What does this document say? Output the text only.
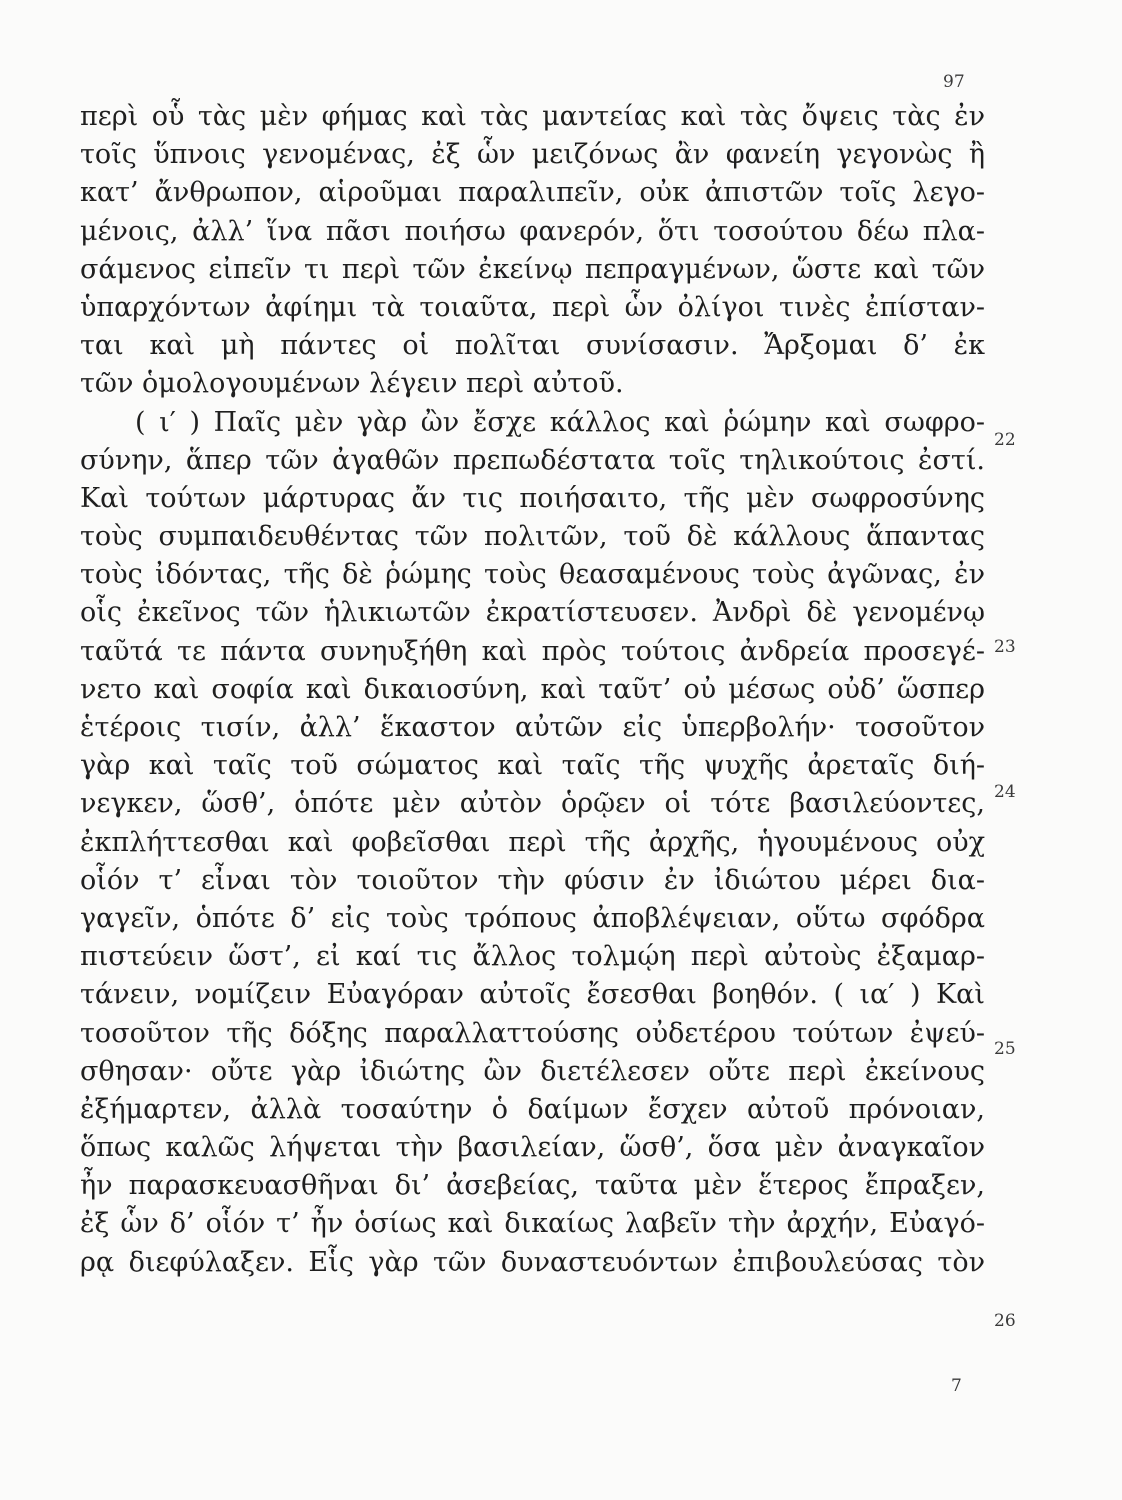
97
περὶ οὗ τὰς μὲν φήμας καὶ τὰς μαντείας καὶ τὰς ὄψεις τὰς ἐν
τοῖς ὕπνοις γενομένας, ἐξ ὧν μειζόνως ἂν φανείη γεγονὼς ἢ
κατ’ ἄνθρωπον, αἱροῦμαι παραλιπεῖν, οὐκ ἀπιστῶν τοῖς λεγο-
μένοις, ἀλλ’ ἵνα πᾶσι ποιήσω φανερόν, ὅτι τοσούτου δέω πλα-
σάμενος εἰπεῖν τι περὶ τῶν ἐκείνῳ πεπραγμένων, ὥστε καὶ τῶν
ὑπαρχόντων ἀφίημι τὰ τοιαῦτα, περὶ ὧν ὀλίγοι τινὲς ἐπίσταν-
ται καὶ μὴ πάντες οἱ πολῖται συνίσασιν. Ἄρξομαι δ’ ἐκ
τῶν ὁμολογουμένων λέγειν περὶ αὐτοῦ.
( ι′ ) Παῖς μὲν γὰρ ὢν ἔσχε κάλλος καὶ ῥώμην καὶ σωφρο-
σύνην, ἅπερ τῶν ἀγαθῶν πρεπωδέστατα τοῖς τηλικούτοις ἐστί.
Καὶ τούτων μάρτυρας ἄν τις ποιήσαιτο, τῆς μὲν σωφροσύνης
τοὺς συμπαιδευθέντας τῶν πολιτῶν, τοῦ δὲ κάλλους ἅπαντας
τοὺς ἰδόντας, τῆς δὲ ῥώμης τοὺς θεασαμένους τοὺς ἀγῶνας, ἐν
οἷς ἐκεῖνος τῶν ἡλικιωτῶν ἐκρατίστευσεν. Ἀνδρὶ δὲ γενομένῳ
ταῦτά τε πάντα συνηυξήθη καὶ πρὸς τούτοις ἀνδρεία προσεγέ-
νετο καὶ σοφία καὶ δικαιοσύνη, καὶ ταῦτ’ οὐ μέσως οὐδ’ ὥσπερ
ἑτέροις τισίν, ἀλλ’ ἕκαστον αὐτῶν εἰς ὑπερβολήν· τοσοῦτον
γὰρ καὶ ταῖς τοῦ σώματος καὶ ταῖς τῆς ψυχῆς ἀρεταῖς διή-
νεγκεν, ὥσθ’, ὁπότε μὲν αὐτὸν ὁρῷεν οἱ τότε βασιλεύοντες,
ἐκπλήττεσθαι καὶ φοβεῖσθαι περὶ τῆς ἀρχῆς, ἡγουμένους οὐχ
οἷόν τ’ εἶναι τὸν τοιοῦτον τὴν φύσιν ἐν ἰδιώτου μέρει δια-
γαγεῖν, ὁπότε δ’ εἰς τοὺς τρόπους ἀποβλέψειαν, οὕτω σφόδρα
πιστεύειν ὥστ’, εἰ καί τις ἄλλος τολμῴη περὶ αὐτοὺς ἐξαμαρ-
τάνειν, νομίζειν Εὐαγόραν αὐτοῖς ἔσεσθαι βοηθόν. ( ια′ ) Καὶ
τοσοῦτον τῆς δόξης παραλλαττούσης οὐδετέρου τούτων ἐψεύ-
σθησαν· οὔτε γὰρ ἰδιώτης ὢν διετέλεσεν οὔτε περὶ ἐκείνους
ἐξήμαρτεν, ἀλλὰ τοσαύτην ὁ δαίμων ἔσχεν αὐτοῦ πρόνοιαν,
ὅπως καλῶς λήψεται τὴν βασιλείαν, ὥσθ’, ὅσα μὲν ἀναγκαῖον
ἦν παρασκευασθῆναι δι’ ἀσεβείας, ταῦτα μὲν ἕτερος ἔπραξεν,
ἐξ ὧν δ’ οἷόν τ’ ἦν ὁσίως καὶ δικαίως λαβεῖν τὴν ἀρχήν, Εὐαγό-
ρᾳ διεφύλαξεν. Εἷς γὰρ τῶν δυναστευόντων ἐπιβουλεύσας τὸν
22
23
24
25
26
7
